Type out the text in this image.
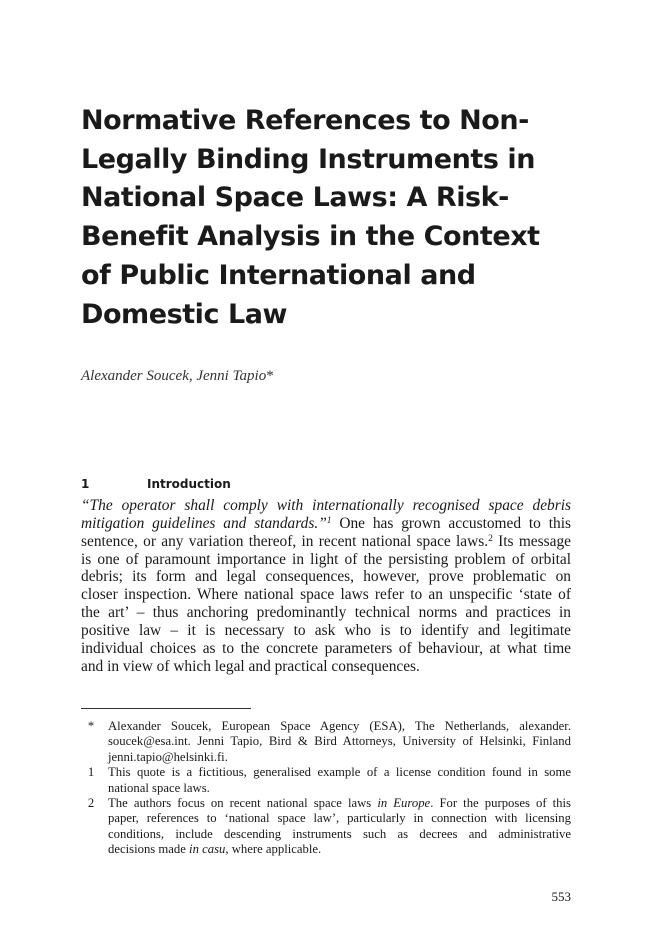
Normative References to Non-
Legally Binding Instruments in
National Space Laws: A Risk-
Benefit Analysis in the Context
of Public International and
Domestic Law
Alexander Soucek, Jenni Tapio*
1	Introduction
“The operator shall comply with internationally recognised space debris
mitigation guidelines and standards.”$^1$ One has grown accustomed to this
sentence, or any variation thereof, in recent national space laws.$^2$ Its message
is one of paramount importance in light of the persisting problem of orbital
debris; its form and legal consequences, however, prove problematic on
closer inspection. Where national space laws refer to an unspecific ‘state of
the art’ – thus anchoring predominantly technical norms and practices in
positive law – it is necessary to ask who is to identify and legitimate
individual choices as to the concrete parameters of behaviour, at what time
and in view of which legal and practical consequences.
*	Alexander Soucek, European Space Agency (ESA), The Netherlands, alexander.
soucek@esa.int. Jenni Tapio, Bird & Bird Attorneys, University of Helsinki, Finland
jenni.tapio@helsinki.fi.
1	This quote is a fictitious, generalised example of a license condition found in some
national space laws.
2	The authors focus on recent national space laws in Europe. For the purposes of this
paper, references to ‘national space law’, particularly in connection with licensing
conditions, include descending instruments such as decrees and administrative
decisions made in casu, where applicable.
553
